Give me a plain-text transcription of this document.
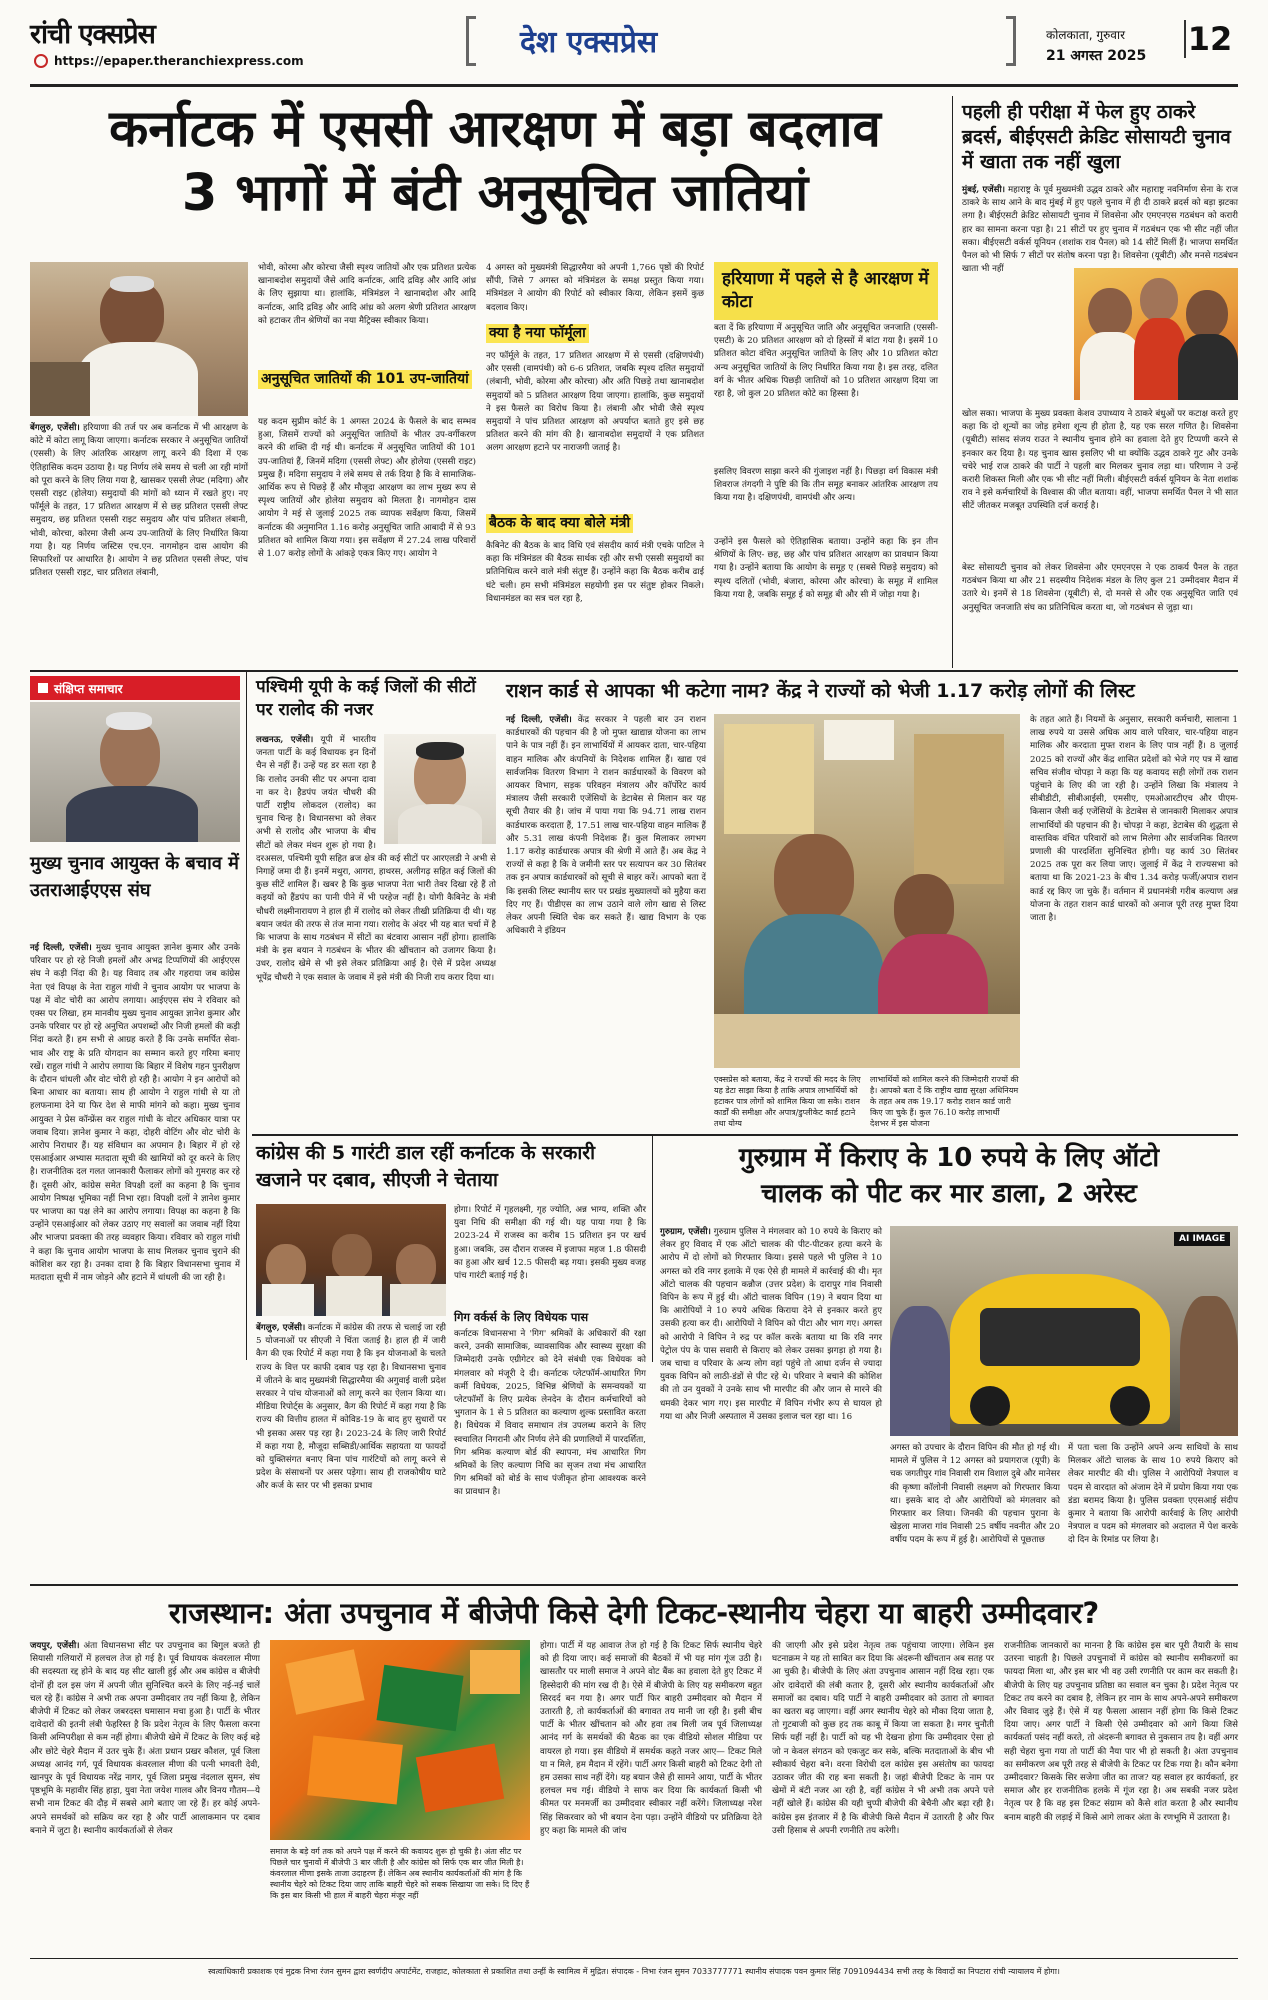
रांची एक्सप्रेस
https://epaper.theranchiexpress.com
देश एक्सप्रेस	कोलकाता, गुरुवार
21 अगस्त 2025 12
कर्नाटक में एससी आरक्षण में बड़ा बदलाव
3 भागों में बंटी अनुसूचित जातियां

बेंगलुरु, एजेंसी। हरियाणा की तर्ज पर अब कर्नाटक में भी आरक्षण के कोटे में कोटा लागू किया जाएगा। कर्नाटक सरकार ने अनुसूचित जातियों (एससी) के लिए आंतरिक आरक्षण लागू करने की दिशा में एक ऐतिहासिक कदम उठाया है। यह निर्णय लंबे समय से चली आ रही मांगों को पूरा करने के लिए लिया गया है, खासकर एससी लेफ्ट (मदिगा) और एससी राइट (होलेया) समुदायों की मांगों को ध्यान में रखते हुए। नए फॉर्मूले के तहत, 17 प्रतिशत आरक्षण में से छह प्रतिशत एससी लेफ्ट समुदाय, छह प्रतिशत एससी राइट समुदाय और पांच प्रतिशत लंबानी, भोवी, कोरचा, कोरमा जैसी अन्य उप-जातियों के लिए निर्धारित किया गया है। यह निर्णय जस्टिस एच.एन. नागमोहन दास आयोग की सिफारिशों पर आधारित है। आयोग ने छह प्रतिशत एससी लेफ्ट, पांच प्रतिशत एससी राइट, चार प्रतिशत लंबानी,

भोवी, कोरमा और कोरचा जैसी स्पृश्य जातियों और एक प्रतिशत प्रत्येक खानाबदोश समुदायों जैसे आदि कर्नाटक, आदि द्रविड़ और आदि आंध्र के लिए सुझाया था। हालांकि, मंत्रिमंडल ने खानाबदोश और आदि कर्नाटक, आदि द्रविड़ और आदि आंध्र को अलग श्रेणी प्रतिशत आरक्षण को हटाकर तीन श्रेणियों का नया मैट्रिक्स स्वीकार किया।
अनुसूचित जातियों की 101 उप-जातियां
यह कदम सुप्रीम कोर्ट के 1 अगस्त 2024 के फैसले के बाद सम्भव हुआ, जिसमें राज्यों को अनुसूचित जातियों के भीतर उप-वर्गीकरण करने की शक्ति दी गई थी। कर्नाटक में अनुसूचित जातियों की 101 उप-जातियां हैं, जिनमें मदिगा (एससी लेफ्ट) और होलेया (एससी राइट) प्रमुख हैं। मदिगा समुदाय ने लंबे समय से तर्क दिया है कि वे सामाजिक-आर्थिक रूप से पिछड़े हैं और मौजूदा आरक्षण का लाभ मुख्य रूप से स्पृश्य जातियों और होलेया समुदाय को मिलता है। नागमोहन दास आयोग ने मई से जुलाई 2025 तक व्यापक सर्वेक्षण किया, जिसमें कर्नाटक की अनुमानित 1.16 करोड़ अनुसूचित जाति आबादी में से 93 प्रतिशत को शामिल किया गया। इस सर्वेक्षण में 27.24 लाख परिवारों से 1.07 करोड़ लोगों के आंकड़े एकत्र किए गए। आयोग ने
4 अगस्त को मुख्यमंत्री सिद्धारमैया को अपनी 1,766 पृष्ठों की रिपोर्ट सौंपी, जिसे 7 अगस्त को मंत्रिमंडल के समक्ष प्रस्तुत किया गया। मंत्रिमंडल ने आयोग की रिपोर्ट को स्वीकार किया, लेकिन इसमें कुछ बदलाव किए।
क्या है नया फॉर्मूला
नए फॉर्मूले के तहत, 17 प्रतिशत आरक्षण में से एससी (दक्षिणपंथी) और एससी (वामपंथी) को 6-6 प्रतिशत, जबकि स्पृश्य दलित समुदायों (लंबानी, भोवी, कोरमा और कोरचा) और अति पिछड़े तथा खानाबदोश समुदायों को 5 प्रतिशत आरक्षण दिया जाएगा। हालांकि, कुछ समुदायों ने इस फैसले का विरोध किया है। लंबानी और भोवी जैसे स्पृश्य समुदायों ने पांच प्रतिशत आरक्षण को अपर्याप्त बताते हुए इसे छह प्रतिशत करने की मांग की है। खानाबदोश समुदायों ने एक प्रतिशत अलग आरक्षण हटाने पर नाराजगी जताई है।
बैठक के बाद क्या बोले मंत्री
कैबिनेट की बैठक के बाद विधि एवं संसदीय कार्य मंत्री एचके पाटिल ने कहा कि मंत्रिमंडल की बैठक सार्थक रही और सभी एससी समुदायों का प्रतिनिधित्व करने वाले मंत्री संतुष्ट हैं। उन्होंने कहा कि बैठक करीब ढाई घंटे चली। हम सभी मंत्रिमंडल सहयोगी इस पर संतुष्ट होकर निकले। विधानमंडल का सत्र चल रहा है,
हरियाणा में पहले से है आरक्षण में कोटा
बता दें कि हरियाणा में अनुसूचित जाति और अनुसूचित जनजाति (एससी-एसटी) के 20 प्रतिशत आरक्षण को दो हिस्सों में बांटा गया है। इसमें 10 प्रतिशत कोटा वंचित अनुसूचित जातियों के लिए और 10 प्रतिशत कोटा अन्य अनुसूचित जातियों के लिए निर्धारित किया गया है। इस तरह, दलित वर्ग के भीतर अधिक पिछड़ी जातियों को 10 प्रतिशत आरक्षण दिया जा रहा है, जो कुल 20 प्रतिशत कोटे का हिस्सा है।
इसलिए विवरण साझा करने की गुंजाइश नहीं है। पिछड़ा वर्ग विकास मंत्री शिवराज तंगदगी ने पुष्टि की कि तीन समूह बनाकर आंतरिक आरक्षण तय किया गया है। दक्षिणपंथी, वामपंथी और अन्य।
उन्होंने इस फैसले को ऐतिहासिक बताया। उन्होंने कहा कि इन तीन श्रेणियों के लिए- छह, छह और पांच प्रतिशत आरक्षण का प्रावधान किया गया है। उन्होंने बताया कि आयोग के समूह ए (सबसे पिछड़े समुदाय) को स्पृश्य दलितों (भोवी, बंजारा, कोरमा और कोरचा) के समूह में शामिल किया गया है, जबकि समूह ई को समूह बी और सी में जोड़ा गया है।
पहली ही परीक्षा में फेल हुए ठाकरे ब्रदर्स, बीईएसटी क्रेडिट सोसायटी चुनाव में खाता तक नहीं खुला
मुंबई, एजेंसी। महाराष्ट्र के पूर्व मुख्यमंत्री उद्धव ठाकरे और महाराष्ट्र नवनिर्माण सेना के राज ठाकरे के साथ आने के बाद मुंबई में हुए पहले चुनाव में ही दी ठाकरे ब्रदर्स को बड़ा झटका लगा है। बीईएसटी क्रेडिट सोसायटी चुनाव में शिवसेना और एमएनएस गठबंधन को करारी हार का सामना करना पड़ा है। 21 सीटों पर हुए चुनाव में गठबंधन एक भी सीट नहीं जीत सका। बीईएसटी वर्कर्स यूनियन (शशांक राव पैनल) को 14 सीटें मिलीं हैं। भाजपा समर्थित पैनल को भी सिर्फ 7 सीटों पर संतोष करना पड़ा है। शिवसेना (यूबीटी) और मनसे गठबंधन खाता भी नहीं
खोल सका। भाजपा के मुख्य प्रवक्ता केशव उपाध्याय ने ठाकरे बंधुओं पर कटाक्ष करते हुए कहा कि दो शून्यों का जोड़ हमेशा शून्य ही होता है, यह एक सरल गणित है। शिवसेना (यूबीटी) सांसद संजय राउत ने स्थानीय चुनाव होने का हवाला देते हुए टिप्पणी करने से इनकार कर दिया है। यह चुनाव खास इसलिए भी था क्योंकि उद्धव ठाकरे गुट और उनके चचेरे भाई राज ठाकरे की पार्टी ने पहली बार मिलकर चुनाव लड़ा था। परिणाम ने उन्हें करारी शिकस्त मिली और एक भी सीट नहीं मिली। बीईएसटी वर्कर्स यूनियन के नेता शशांक राव ने इसे कर्मचारियों के विश्वास की जीत बताया। वहीं, भाजपा समर्थित पैनल ने भी सात सीटें जीतकर मजबूत उपस्थिति दर्ज कराई है।
बेस्ट सोसायटी चुनाव को लेकर शिवसेना और एमएनएस ने एक ठाकर्य पैनल के तहत गठबंधन किया था और 21 सदस्यीय निदेशक मंडल के लिए कुल 21 उम्मीदवार मैदान में उतारे थे। इनमें से 18 शिवसेना (यूबीटी) से, दो मनसे से और एक अनुसूचित जाति एवं अनुसूचित जनजाति संघ का प्रतिनिधित्व करता था, जो गठबंधन से जुड़ा था।
संक्षिप्त समाचार
मुख्य चुनाव आयुक्त के बचाव में उतराआईएएस संघ
नई दिल्ली, एजेंसी। मुख्य चुनाव आयुक्त ज्ञानेश कुमार और उनके परिवार पर हो रहे निजी हमलों और अभद्र टिप्पणियों की आईएएस संघ ने कड़ी निंदा की है। यह विवाद तब और गहराया जब कांग्रेस नेता एवं विपक्ष के नेता राहुल गांधी ने चुनाव आयोग पर भाजपा के पक्ष में वोट चोरी का आरोप लगाया। आईएएस संघ ने रविवार को एक्स पर लिखा, हम मानवीय मुख्य चुनाव आयुक्त ज्ञानेश कुमार और उनके परिवार पर हो रहे अनुचित अपशब्दों और निजी हमलों की कड़ी निंदा करते हैं। हम सभी से आग्रह करते हैं कि उनके समर्पित सेवा-भाव और राष्ट्र के प्रति योगदान का सम्मान करते हुए गरिमा बनाए रखें। राहुल गांधी ने आरोप लगाया कि बिहार में विशेष गहन पुनरीक्षण के दौरान धांधली और वोट चोरी हो रही है। आयोग ने इन आरोपों को बिना आधार का बताया। साथ ही आयोग ने राहुल गांधी से या तो हलफनामा देने या फिर देश से माफी मांगने को कहा। मुख्य चुनाव आयुक्त ने प्रेस कॉन्फ्रेंस कर राहुल गांधी के वोटर अधिकार यात्रा पर जवाब दिया। ज्ञानेश कुमार ने कहा, दोहरी वोटिंग और वोट चोरी के आरोप निराधार हैं। यह संविधान का अपमान है। बिहार में हो रहे एसआईआर अभ्यास मतदाता सूची की खामियों को दूर करने के लिए है। राजनीतिक दल गलत जानकारी फैलाकर लोगों को गुमराह कर रहे हैं। दूसरी ओर, कांग्रेस समेत विपक्षी दलों का कहना है कि चुनाव आयोग निष्पक्ष भूमिका नहीं निभा रहा। विपक्षी दलों ने ज्ञानेश कुमार पर भाजपा का पक्ष लेने का आरोप लगाया। विपक्ष का कहना है कि उन्होंने एसआईआर को लेकर उठाए गए सवालों का जवाब नहीं दिया और भाजपा प्रवक्ता की तरह व्यवहार किया। रविवार को राहुल गांधी ने कहा कि चुनाव आयोग भाजपा के साथ मिलकर चुनाव चुराने की कोशिश कर रहा है। उनका दावा है कि बिहार विधानसभा चुनाव में मतदाता सूची में नाम जोड़ने और हटाने में धांधली की जा रही है।
पश्चिमी यूपी के कई जिलों की सीटों पर रालोद की नजर
लखनऊ, एजेंसी। यूपी में भारतीय जनता पार्टी के कई विधायक इन दिनों चैन से नहीं हैं। उन्हें यह डर सता रहा है कि रालोद उनकी सीट पर अपना दावा ना कर दे। हैडपंप जयंत चौधरी की पार्टी राष्ट्रीय लोकदल (रालोद) का चुनाव चिन्ह है। विधानसभा को लेकर अभी से रालोद और भाजपा के बीच सीटों को लेकर मंथन शुरू हो गया है। दरअसल, पश्चिमी यूपी सहित ब्रज क्षेत्र की कई सीटों पर आरएलडी ने अभी से निगाहें जमा दी हैं। इनमें मथुरा, आगरा, हाथरस, अलीगढ़ सहित कई जिलों की कुछ सीटें शामिल हैं। खबर है कि कुछ भाजपा नेता भारी तेवर दिखा रहे हैं तो कइयों को हैंडपंप का पानी पीने में भी परहेज नहीं है। योगी कैबिनेट के मंत्री चौधरी लक्ष्मीनारायण ने हाल ही में रालोद को लेकर तीखी प्रतिक्रिया दी थी। यह बयान जयंत की तरफ से तंज माना गया। रालोद के अंदर भी यह बात चर्चा में है कि भाजपा के साथ गठबंधन में सीटों का बंटवारा आसान नहीं होगा। हालांकि मंत्री के इस बयान ने गठबंधन के भीतर की खींचतान को उजागर किया है। उधर, रालोद खेमे से भी इसे लेकर प्रतिक्रिया आई है। ऐसे में प्रदेश अध्यक्ष भूपेंद्र चौधरी ने एक सवाल के जवाब में इसे मंत्री की निजी राय करार दिया था।
राशन कार्ड से आपका भी कटेगा नाम? केंद्र ने राज्यों को भेजी 1.17 करोड़ लोगों की लिस्ट
नई दिल्ली, एजेंसी। केंद्र सरकार ने पहली बार उन राशन कार्डधारकों की पहचान की है जो मुफ्त खाद्यान्न योजना का लाभ पाने के पात्र नहीं हैं। इन लाभार्थियों में आयकर दाता, चार-पहिया वाहन मालिक और कंपनियों के निदेशक शामिल हैं। खाद्य एवं सार्वजनिक वितरण विभाग ने राशन कार्डधारकों के विवरण को आयकर विभाग, सड़क परिवहन मंत्रालय और कॉर्पोरेट कार्य मंत्रालय जैसी सरकारी एजेंसियों के डेटाबेस से मिलान कर यह सूची तैयार की है। जांच में पाया गया कि 94.71 लाख राशन कार्डधारक करदाता हैं, 17.51 लाख चार-पहिया वाहन मालिक हैं और 5.31 लाख कंपनी निदेशक हैं। कुल मिलाकर लगभग 1.17 करोड़ कार्डधारक अपात्र की श्रेणी में आते हैं। अब केंद्र ने राज्यों से कहा है कि वे जमीनी स्तर पर सत्यापन कर 30 सितंबर तक इन अपात्र कार्डधारकों को सूची से बाहर करें। आपको बता दें कि इसकी लिस्ट स्थानीय स्तर पर प्रखंड मुख्यालयों को मुहैया करा दिए गए हैं। पीडीएस का लाभ उठाने वाले लोग खाद्य से लिस्ट लेकर अपनी स्थिति चेक कर सकते हैं। खाद्य विभाग के एक अधिकारी ने इंडियन
एक्सप्रेस को बताया, केंद्र ने राज्यों की मदद के लिए यह डेटा साझा किया है ताकि अपात्र लाभार्थियों को हटाकर पात्र लोगों को शामिल किया जा सके। राशन कार्डों की समीक्षा और अपात्र/डुप्लीकेट कार्ड हटाने तथा योग्य
लाभार्थियों को शामिल करने की जिम्मेदारी राज्यों की है। आपको बता दें कि राष्ट्रीय खाद्य सुरक्षा अधिनियम के तहत अब तक 19.17 करोड़ राशन कार्ड जारी किए जा चुके हैं। कुल 76.10 करोड़ लाभार्थी देशभर में इस योजना
के तहत आते हैं। नियमों के अनुसार, सरकारी कर्मचारी, सालाना 1 लाख रुपये या उससे अधिक आय वाले परिवार, चार-पहिया वाहन मालिक और करदाता मुफ्त राशन के लिए पात्र नहीं हैं। 8 जुलाई 2025 को राज्यों और केंद्र शासित प्रदेशों को भेजे गए पत्र में खाद्य सचिव संजीव चोपड़ा ने कहा कि यह कवायद सही लोगों तक राशन पहुंचाने के लिए की जा रही है। उन्होंने लिखा कि मंत्रालय ने सीबीडीटी, सीबीआईसी, एमसीए, एमओआरटीएच और पीएम-किसान जैसी कई एजेंसियों के डेटाबेस से जानकारी मिलाकर अपात्र लाभार्थियों की पहचान की है। चोपड़ा ने कहा, डेटाबेस की शुद्धता से वास्तविक वंचित परिवारों को लाभ मिलेगा और सार्वजनिक वितरण प्रणाली की पारदर्शिता सुनिश्चित होगी। यह कार्य 30 सितंबर 2025 तक पूरा कर लिया जाए। जुलाई में केंद्र ने राज्यसभा को बताया था कि 2021-23 के बीच 1.34 करोड़ फर्जी/अपात्र राशन कार्ड रद्द किए जा चुके हैं। वर्तमान में प्रधानमंत्री गरीब कल्याण अन्न योजना के तहत राशन कार्ड धारकों को अनाज पूरी तरह मुफ्त दिया जाता है।
कांग्रेस की 5 गारंटी डाल रहीं कर्नाटक के सरकारी खजाने पर दबाव, सीएजी ने चेताया
बेंगलुरु, एजेंसी। कर्नाटक में कांग्रेस की तरफ से चलाई जा रही 5 योजनाओं पर सीएजी ने चिंता जताई है। हाल ही में जारी कैग की एक रिपोर्ट में कहा गया है कि इन योजनाओं के चलते राज्य के वित्त पर काफी दबाव पड़ रहा है। विधानसभा चुनाव में जीतने के बाद मुख्यमंत्री सिद्धारमैया की अगुवाई वाली प्रदेश सरकार ने पांच योजनाओं को लागू करने का ऐलान किया था। मीडिया रिपोर्ट्स के अनुसार, कैग की रिपोर्ट में कहा गया है कि राज्य की वित्तीय हालत में कोविड-19 के बाद हुए सुधारों पर भी इसका असर पड़ रहा है। 2023-24 के लिए जारी रिपोर्ट में कहा गया है, मौजूदा सब्सिडी/आर्थिक सहायता या फायदों को युक्तिसंगत बनाए बिना पांच गारंटियों को लागू करने से प्रदेश के संसाधनों पर असर पड़ेगा। साथ ही राजकोषीय घाटे और कर्ज के स्तर पर भी इसका प्रभाव
होगा। रिपोर्ट में गृहलक्ष्मी, गृह ज्योति, अन्न भाग्य, शक्ति और युवा निधि की समीक्षा की गई थी। यह पाया गया है कि 2023-24 में राजस्व का करीब 15 प्रतिशत इन पर खर्च हुआ। जबकि, उस दौरान राजस्व में इजाफा महज 1.8 फीसदी का हुआ और खर्च 12.5 फीसदी बढ़ गया। इसकी मुख्य वजह पांच गारंटी बताई गई है।
गिग वर्कर्स के लिए विधेयक पास
कर्नाटक विधानसभा ने 'गिग' श्रमिकों के अधिकारों की रक्षा करने, उनकी सामाजिक, व्यावसायिक और स्वास्थ्य सुरक्षा की जिम्मेदारी उनके एग्रीगेटर को देने संबंधी एक विधेयक को मंगलवार को मंजूरी दे दी। कर्नाटक प्लेटफॉर्म-आधारित गिग कर्मी विधेयक, 2025, विभिन्न श्रेणियों के समन्वयकों या प्लेटफॉर्मों के लिए प्रत्येक लेनदेन के दौरान कर्मचारियों को भुगतान के 1 से 5 प्रतिशत का कल्याण शुल्क प्रस्तावित करता है। विधेयक में विवाद समाधान तंत्र उपलब्ध कराने के लिए स्वचालित निगरानी और निर्णय लेने की प्रणालियों में पारदर्शिता, गिग श्रमिक कल्याण बोर्ड की स्थापना, मंच आधारित गिग श्रमिकों के लिए कल्याण निधि का सृजन तथा मंच आधारित गिग श्रमिकों को बोर्ड के साथ पंजीकृत होना आवश्यक करने का प्रावधान है।
गुरुग्राम में किराए के 10 रुपये के लिए ऑटो
चालक को पीट कर मार डाला, 2 अरेस्ट
गुरुग्राम, एजेंसी। गुरुग्राम पुलिस ने मंगलवार को 10 रुपये के किराए को लेकर हुए विवाद में एक ऑटो चालक की पीट-पीटकर हत्या करने के आरोप में दो लोगों को गिरफ्तार किया। इससे पहले भी पुलिस ने 10 अगस्त को रवि नगर इलाके में एक ऐसे ही मामले में कार्रवाई की थी। मृत ऑटो चालक की पहचान कन्नौज (उत्तर प्रदेश) के दारापुर गांव निवासी विपिन के रूप में हुई थी। ऑटो चालक विपिन (19) ने बयान दिया था कि आरोपियों ने 10 रुपये अधिक किराया देने से इनकार करते हुए उसकी हत्या कर दी। आरोपियों ने विपिन को पीटा और भाग गए। अगस्त को आरोपी ने विपिन ने रुद्र पर कॉल करके बताया था कि रवि नगर पेट्रोल पंप के पास सवारी से किराए को लेकर उसका झगड़ा हो गया है। जब चाचा व परिवार के अन्य लोग वहां पहुंचे तो आधा दर्जन से ज्यादा युवक विपिन को लाठी-डंडों से पीट रहे थे। परिवार ने बचाने की कोशिश की तो उन युवकों ने उनके साथ भी मारपीट की और जान से मारने की धमकी देकर भाग गए। इस मारपीट में विपिन गंभीर रूप से घायल हो गया था और निजी अस्पताल में उसका इलाज चल रहा था। 16
AI IMAGE
अगस्त को उपचार के दौरान विपिन की मौत हो गई थी। मामले में पुलिस ने 12 अगस्त को प्रयागराज (यूपी) के चक जगतीपुर गांव निवासी राम विशाल दुबे और मानेसर की कृष्णा कॉलोनी निवासी लक्ष्मण को गिरफ्तार किया था। इसके बाद दो और आरोपियों को मंगलवार को गिरफ्तार कर लिया। जिनकी की पहचान पुराना के खेड़ला माजरा गांव निवासी 25 वर्षीय नवनीत और 20 वर्षीय पदम के रूप में हुई है। आरोपियों से पूछताछ
में पता चला कि उन्होंने अपने अन्य साथियों के साथ मिलकर ऑटो चालक के साथ 10 रुपये किराए को लेकर मारपीट की थी। पुलिस ने आरोपियों नेत्रपाल व पदम से वारदात को अंजाम देने में प्रयोग किया गया एक डंडा बरामद किया है। पुलिस प्रवक्ता एएसआई संदीप कुमार ने बताया कि आरोपी कार्रवाई के लिए आरोपी नेत्रपाल व पदम को मंगलवार को अदालत में पेश करके दो दिन के रिमांड पर लिया है।
राजस्थान: अंता उपचुनाव में बीजेपी किसे देगी टिकट-स्थानीय चेहरा या बाहरी उम्मीदवार?
जयपुर, एजेंसी। अंता विधानसभा सीट पर उपचुनाव का बिगुल बजते ही सियासी गलियारों में हलचल तेज हो गई है। पूर्व विधायक कंवरलाल मीणा की सदस्यता रद्द होने के बाद यह सीट खाली हुई और अब कांग्रेस व बीजेपी दोनों ही दल इस जंग में अपनी जीत सुनिश्चित करने के लिए नई-नई चालें चल रहे हैं। कांग्रेस ने अभी तक अपना उम्मीदवार तय नहीं किया है, लेकिन बीजेपी में टिकट को लेकर जबरदस्त घमासान मचा हुआ है। पार्टी के भीतर दावेदारों की इतनी लंबी फेहरिस्त है कि प्रदेश नेतृत्व के लिए फैसला करना किसी अग्निपरीक्षा से कम नहीं होगा। बीजेपी खेमे में टिकट के लिए कई बड़े और छोटे चेहरे मैदान में उतर चुके हैं। अंता प्रधान प्रखर कौशल, पूर्व जिला अध्यक्ष आनंद गर्ग, पूर्व विधायक कंवरलाल मीणा की पत्नी भगवती देवी, खानपुर के पूर्व विधायक नरेंद्र नागर, पूर्व जिला प्रमुख नंदलाल सुमन, संघ पृष्ठभूमि के महावीर सिंह हाड़ा, युवा नेता जयेश गालव और विनय गौतम—ये सभी नाम टिकट की दौड़ में सबसे आगे बताए जा रहे हैं। हर कोई अपने-अपने समर्थकों को सक्रिय कर रहा है और पार्टी आलाकमान पर दबाव बनाने में जुटा है। स्थानीय कार्यकर्ताओं से लेकर
समाज के बड़े वर्ग तक को अपने पक्ष में करने की कवायद शुरू हो चुकी है। अंता सीट पर पिछले चार चुनावों में बीजेपी 3 बार जीती है और कांग्रेस को सिर्फ एक बार जीत मिली है। कंवरलाल मीणा इसके ताजा उदाहरण हैं। लेकिन अब स्थानीय कार्यकर्ताओं की मांग है कि स्थानीय चेहरे को टिकट दिया जाए ताकि बाहरी चेहरे को सबक सिखाया जा सके। दि दिए हैं कि इस बार किसी भी हाल में बाहरी चेहरा मंजूर नहीं
होगा। पार्टी में यह आवाज तेज हो गई है कि टिकट सिर्फ स्थानीय चेहरे को ही दिया जाए। कई समाजों की बैठकों में भी यह मांग गूंज उठी है। खासतौर पर माली समाज ने अपने वोट बैंक का हवाला देते हुए टिकट में हिस्सेदारी की मांग रख दी है। ऐसे में बीजेपी के लिए यह समीकरण बहुत सिरदर्द बन गया है। अगर पार्टी फिर बाहरी उम्मीदवार को मैदान में उतारती है, तो कार्यकर्ताओं की बगावत तय मानी जा रही है। इसी बीच पार्टी के भीतर खींचतान को और हवा तब मिली जब पूर्व जिलाध्यक्ष आनंद गर्ग के समर्थकों की बैठक का एक वीडियो सोशल मीडिया पर वायरल हो गया। इस वीडियो में समर्थक कहते नजर आए— टिकट मिले या न मिले, हम मैदान में रहेंगे। पार्टी अगर किसी बाहरी को टिकट देगी तो हम उसका साथ नहीं देंगे। यह बयान जैसे ही सामने आया, पार्टी के भीतर हलचल मच गई। वीडियो ने साफ कर दिया कि कार्यकर्ता किसी भी कीमत पर मनमर्जी का उम्मीदवार स्वीकार नहीं करेंगे। जिलाध्यक्ष नरेश सिंह सिकरवार को भी बयान देना पड़ा। उन्होंने वीडियो पर प्रतिक्रिया देते हुए कहा कि मामले की जांच
की जाएगी और इसे प्रदेश नेतृत्व तक पहुंचाया जाएगा। लेकिन इस घटनाक्रम ने यह तो साबित कर दिया कि अंदरूनी खींचतान अब सतह पर आ चुकी है। बीजेपी के लिए अंता उपचुनाव आसान नहीं दिख रहा। एक ओर दावेदारों की लंबी कतार है, दूसरी ओर स्थानीय कार्यकर्ताओं और समाजों का दबाव। यदि पार्टी ने बाहरी उम्मीदवार को उतारा तो बगावत का खतरा बढ़ जाएगा। वहीं अगर स्थानीय चेहरे को मौका दिया जाता है, तो गुटबाजी को कुछ हद तक काबू में किया जा सकता है। मगर चुनौती सिर्फ यहीं नहीं है। पार्टी को यह भी देखना होगा कि उम्मीदवार ऐसा हो जो न केवल संगठन को एकजुट कर सके, बल्कि मतदाताओं के बीच भी स्वीकार्य चेहरा बने। वरना विरोधी दल कांग्रेस इस असंतोष का फायदा उठाकर जीत की राह बना सकती है। जहां बीजेपी टिकट के नाम पर खेमों में बंटी नजर आ रही है, वहीं कांग्रेस ने भी अभी तक अपने पत्ते नहीं खोले हैं। कांग्रेस की यही चुप्पी बीजेपी की बेचैनी और बढ़ा रही है। कांग्रेस इस इंतजार में है कि बीजेपी किसे मैदान में उतारती है और फिर उसी हिसाब से अपनी रणनीति तय करेगी।
राजनीतिक जानकारों का मानना है कि कांग्रेस इस बार पूरी तैयारी के साथ उतरना चाहती है। पिछले उपचुनावों में कांग्रेस को स्थानीय समीकरणों का फायदा मिला था, और इस बार भी वह उसी रणनीति पर काम कर सकती है। बीजेपी के लिए यह उपचुनाव प्रतिष्ठा का सवाल बन चुका है। प्रदेश नेतृत्व पर टिकट तय करने का दबाव है, लेकिन हर नाम के साथ अपने-अपने समीकरण और विवाद जुड़े हैं। ऐसे में यह फैसला आसान नहीं होगा कि किसे टिकट दिया जाए। अगर पार्टी ने किसी ऐसे उम्मीदवार को आगे किया जिसे कार्यकर्ता पसंद नहीं करते, तो अंदरूनी बगावत से नुकसान तय है। वहीं अगर सही चेहरा चुना गया तो पार्टी की नैया पार भी हो सकती है। अंता उपचुनाव का समीकरण अब पूरी तरह से बीजेपी के टिकट पर टिक गया है। कौन बनेगा उम्मीदवार? किसके सिर सजेगा जीत का ताज? यह सवाल हर कार्यकर्ता, हर समाज और हर राजनीतिक हलके में गूंज रहा है। अब सबकी नजर प्रदेश नेतृत्व पर है कि वह इस टिकट संग्राम को कैसे शांत करता है और स्थानीय बनाम बाहरी की लड़ाई में किसे आगे लाकर अंता के रणभूमि में उतारता है।
स्वत्वाधिकारी प्रकाशक एवं मुद्रक निभा रंजन सुमन द्वारा स्वर्णदीप अपार्टमेंट, राजहाट, कोलकाता से प्रकाशित तथा उन्हीं के स्वामित्व में मुद्रित। संपादक - निभा रंजन सुमन 7033777771 स्थानीय संपादक पवन कुमार सिंह 7091094434 सभी तरह के विवादों का निपटारा रांची न्यायालय में होगा।
